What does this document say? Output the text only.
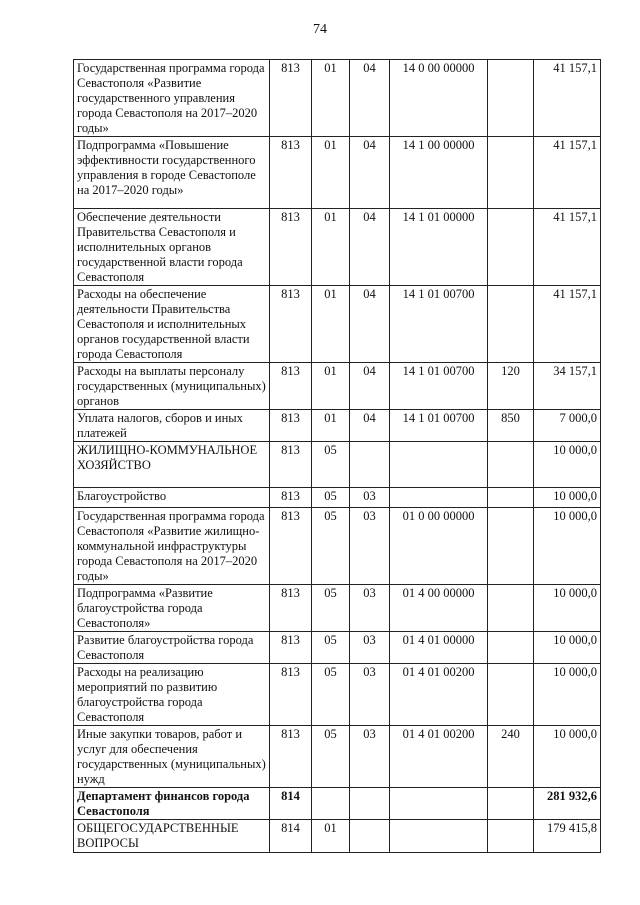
74
Государственная программа города Севастополя «Развитие государственного управления города Севастополя на 2017–2020 годы»	813	01	04	14 0 00 00000		41 157,1
Подпрограмма «Повышение эффективности государственного управления в городе Севастополе на 2017–2020 годы»	813	01	04	14 1 00 00000		41 157,1
Обеспечение деятельности Правительства Севастополя и исполнительных органов государственной власти города Севастополя	813	01	04	14 1 01 00000		41 157,1
Расходы на обеспечение деятельности Правительства Севастополя и исполнительных органов государственной власти города Севастополя	813	01	04	14 1 01 00700		41 157,1
Расходы на выплаты персоналу государственных (муниципальных) органов	813	01	04	14 1 01 00700	120	34 157,1
Уплата налогов, сборов и иных платежей	813	01	04	14 1 01 00700	850	7 000,0
ЖИЛИЩНО-КОММУНАЛЬНОЕ ХОЗЯЙСТВО	813	05				10 000,0
Благоустройство	813	05	03			10 000,0
Государственная программа города Севастополя «Развитие жилищно-коммунальной инфраструктуры города Севастополя на 2017–2020 годы»	813	05	03	01 0 00 00000		10 000,0
Подпрограмма «Развитие благоустройства города Севастополя»	813	05	03	01 4 00 00000		10 000,0
Развитие благоустройства города Севастополя	813	05	03	01 4 01 00000		10 000,0
Расходы на реализацию мероприятий по развитию благоустройства города Севастополя	813	05	03	01 4 01 00200		10 000,0
Иные закупки товаров, работ и услуг для обеспечения государственных (муниципальных) нужд	813	05	03	01 4 01 00200	240	10 000,0
Департамент финансов города Севастополя	814					281 932,6
ОБЩЕГОСУДАРСТВЕННЫЕ ВОПРОСЫ	814	01				179 415,8
